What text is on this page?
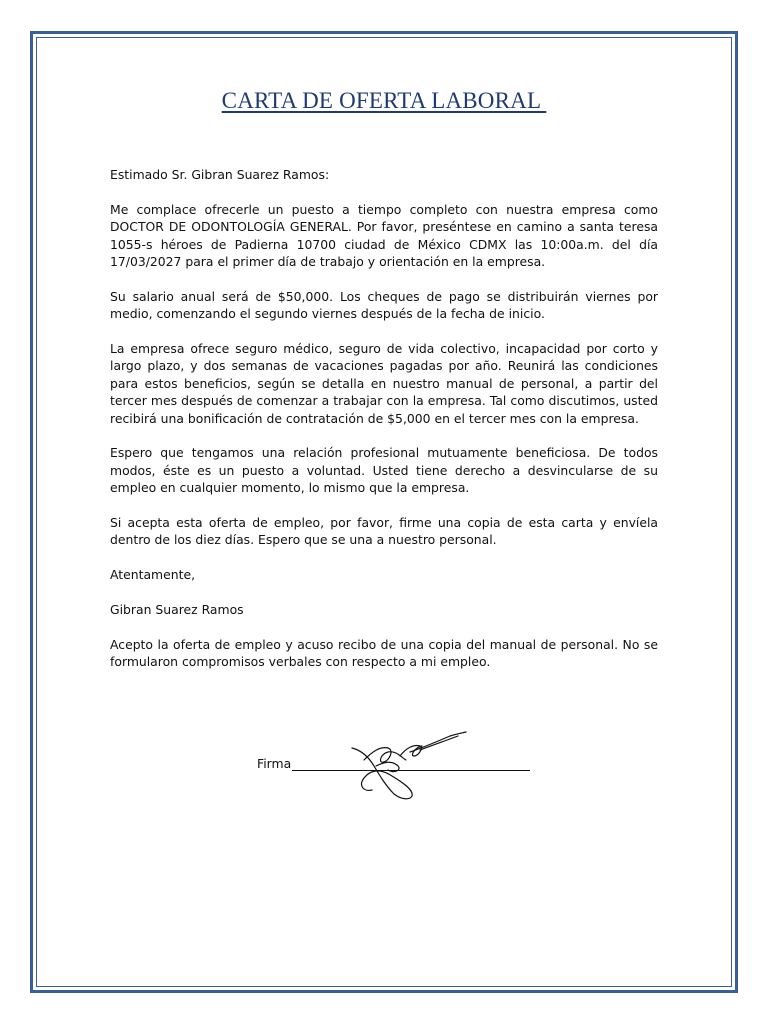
CARTA DE OFERTA LABORAL

Estimado Sr. Gibran Suarez Ramos:

Me complace ofrecerle un puesto a tiempo completo con nuestra empresa como DOCTOR DE ODONTOLOGÍA GENERAL. Por favor, preséntese en camino a santa teresa 1055-s héroes de Padierna 10700 ciudad de México CDMX las 10:00a.m. del día 17/03/2027 para el primer día de trabajo y orientación en la empresa.

Su salario anual será de $50,000. Los cheques de pago se distribuirán viernes por medio, comenzando el segundo viernes después de la fecha de inicio.

La empresa ofrece seguro médico, seguro de vida colectivo, incapacidad por corto y largo plazo, y dos semanas de vacaciones pagadas por año. Reunirá las condiciones para estos beneficios, según se detalla en nuestro manual de personal, a partir del tercer mes después de comenzar a trabajar con la empresa. Tal como discutimos, usted recibirá una bonificación de contratación de $5,000 en el tercer mes con la empresa.

Espero que tengamos una relación profesional mutuamente beneficiosa. De todos modos, éste es un puesto a voluntad. Usted tiene derecho a desvincularse de su empleo en cualquier momento, lo mismo que la empresa.

Si acepta esta oferta de empleo, por favor, firme una copia de esta carta y envíela dentro de los diez días. Espero que se una a nuestro personal.

Atentamente,

Gibran Suarez Ramos

Acepto la oferta de empleo y acuso recibo de una copia del manual de personal. No se formularon compromisos verbales con respecto a mi empleo.

Firma
